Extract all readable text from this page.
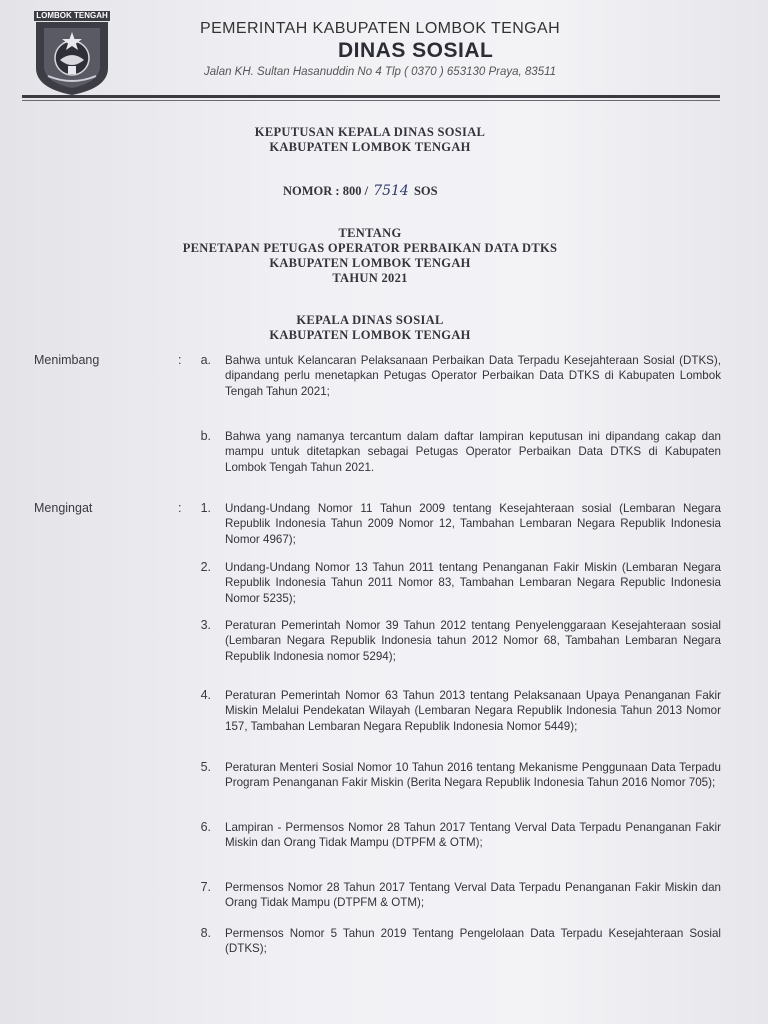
LOMBOK TENGAH
PEMERINTAH KABUPATEN LOMBOK TENGAH
DINAS SOSIAL
Jalan KH. Sultan Hasanuddin No 4 Tlp ( 0370 ) 653130 Praya, 83511
KEPUTUSAN KEPALA DINAS SOSIAL
KABUPATEN LOMBOK TENGAH
NOMOR : 800 / 7514 SOS
TENTANG
PENETAPAN PETUGAS OPERATOR PERBAIKAN DATA DTKS
KABUPATEN LOMBOK TENGAH
TAHUN 2021
KEPALA DINAS SOSIAL
KABUPATEN LOMBOK TENGAH
Menimbang	:	a. Bahwa untuk Kelancaran Pelaksanaan Perbaikan Data Terpadu Kesejahteraan Sosial (DTKS), dipandang perlu menetapkan Petugas Operator Perbaikan Data DTKS di Kabupaten Lombok Tengah Tahun 2021;
b. Bahwa yang namanya tercantum dalam daftar lampiran keputusan ini dipandang cakap dan mampu untuk ditetapkan sebagai Petugas Operator Perbaikan Data DTKS di Kabupaten Lombok Tengah Tahun 2021.
Mengingat	:	1. Undang-Undang Nomor 11 Tahun 2009 tentang Kesejahteraan sosial (Lembaran Negara Republik Indonesia Tahun 2009 Nomor 12, Tambahan Lembaran Negara Republik Indonesia Nomor 4967);
2. Undang-Undang Nomor 13 Tahun 2011 tentang Penanganan Fakir Miskin (Lembaran Negara Republik Indonesia Tahun 2011 Nomor 83, Tambahan Lembaran Negara Republic Indonesia Nomor 5235);
3. Peraturan Pemerintah Nomor 39 Tahun 2012 tentang Penyelenggaraan Kesejahteraan sosial (Lembaran Negara Republik Indonesia tahun 2012 Nomor 68, Tambahan Lembaran Negara Republik Indonesia nomor 5294);
4. Peraturan Pemerintah Nomor 63 Tahun 2013 tentang Pelaksanaan Upaya Penanganan Fakir Miskin Melalui Pendekatan Wilayah (Lembaran Negara Republik Indonesia Tahun 2013 Nomor 157, Tambahan Lembaran Negara Republik Indonesia Nomor 5449);
5. Peraturan Menteri Sosial Nomor 10 Tahun 2016 tentang Mekanisme Penggunaan Data Terpadu Program Penanganan Fakir Miskin (Berita Negara Republik Indonesia Tahun 2016 Nomor 705);
6. Lampiran - Permensos Nomor 28 Tahun 2017 Tentang Verval Data Terpadu Penanganan Fakir Miskin dan Orang Tidak Mampu (DTPFM & OTM);
7. Permensos Nomor 28 Tahun 2017 Tentang Verval Data Terpadu Penanganan Fakir Miskin dan Orang Tidak Mampu (DTPFM & OTM);
8. Permensos Nomor 5 Tahun 2019 Tentang Pengelolaan Data Terpadu Kesejahteraan Sosial (DTKS);
